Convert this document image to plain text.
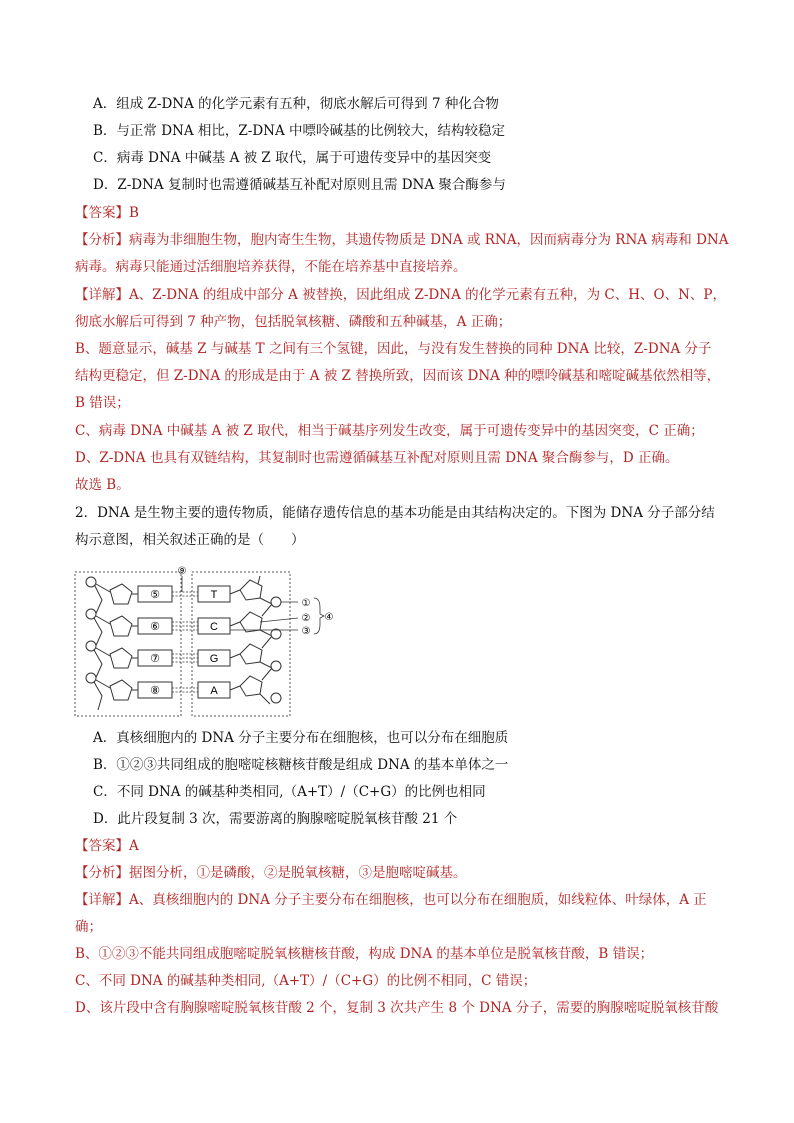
A．组成 Z-DNA 的化学元素有五种，彻底水解后可得到 7 种化合物
B．与正常 DNA 相比，Z-DNA 中嘌呤碱基的比例较大，结构较稳定
C．病毒 DNA 中碱基 A 被 Z 取代，属于可遗传变异中的基因突变
D．Z-DNA 复制时也需遵循碱基互补配对原则且需 DNA 聚合酶参与
【答案】B
【分析】病毒为非细胞生物，胞内寄生生物，其遗传物质是 DNA 或 RNA，因而病毒分为 RNA 病毒和 DNA
病毒。病毒只能通过活细胞培养获得，不能在培养基中直接培养。
【详解】A、Z-DNA 的组成中部分 A 被替换，因此组成 Z-DNA 的化学元素有五种，为 C、H、O、N、P，
彻底水解后可得到 7 种产物，包括脱氧核糖、磷酸和五种碱基，A 正确；
B、题意显示，碱基 Z 与碱基 T 之间有三个氢键，因此，与没有发生替换的同种 DNA 比较，Z-DNA 分子
结构更稳定，但 Z-DNA 的形成是由于 A 被 Z 替换所致，因而该 DNA 种的嘌呤碱基和嘧啶碱基依然相等，
B 错误；
C、病毒 DNA 中碱基 A 被 Z 取代，相当于碱基序列发生改变，属于可遗传变异中的基因突变，C 正确；
D、Z-DNA 也具有双链结构，其复制时也需遵循碱基互补配对原则且需 DNA 聚合酶参与，D 正确。
故选 B。
2．DNA 是生物主要的遗传物质，能储存遗传信息的基本功能是由其结构决定的。下图为 DNA 分子部分结
构示意图，相关叙述正确的是（　　）
⑤
⑥
⑦
⑧
⑨
T
C
G
A
①
②
③
④
A．真核细胞内的 DNA 分子主要分布在细胞核，也可以分布在细胞质
B．①②③共同组成的胞嘧啶核糖核苷酸是组成 DNA 的基本单体之一
C．不同 DNA 的碱基种类相同,（A+T）/（C+G）的比例也相同
D．此片段复制 3 次，需要游离的胸腺嘧啶脱氧核苷酸 21 个
【答案】A
【分析】据图分析，①是磷酸，②是脱氧核糖，③是胞嘧啶碱基。
【详解】A、真核细胞内的 DNA 分子主要分布在细胞核，也可以分布在细胞质，如线粒体、叶绿体，A 正
确；
B、①②③不能共同组成胞嘧啶脱氧核糖核苷酸，构成 DNA 的基本单位是脱氧核苷酸，B 错误；
C、不同 DNA 的碱基种类相同,（A+T）/（C+G）的比例不相同，C 错误；
D、该片段中含有胸腺嘧啶脱氧核苷酸 2 个，复制 3 次共产生 8 个 DNA 分子，需要的胸腺嘧啶脱氧核苷酸
